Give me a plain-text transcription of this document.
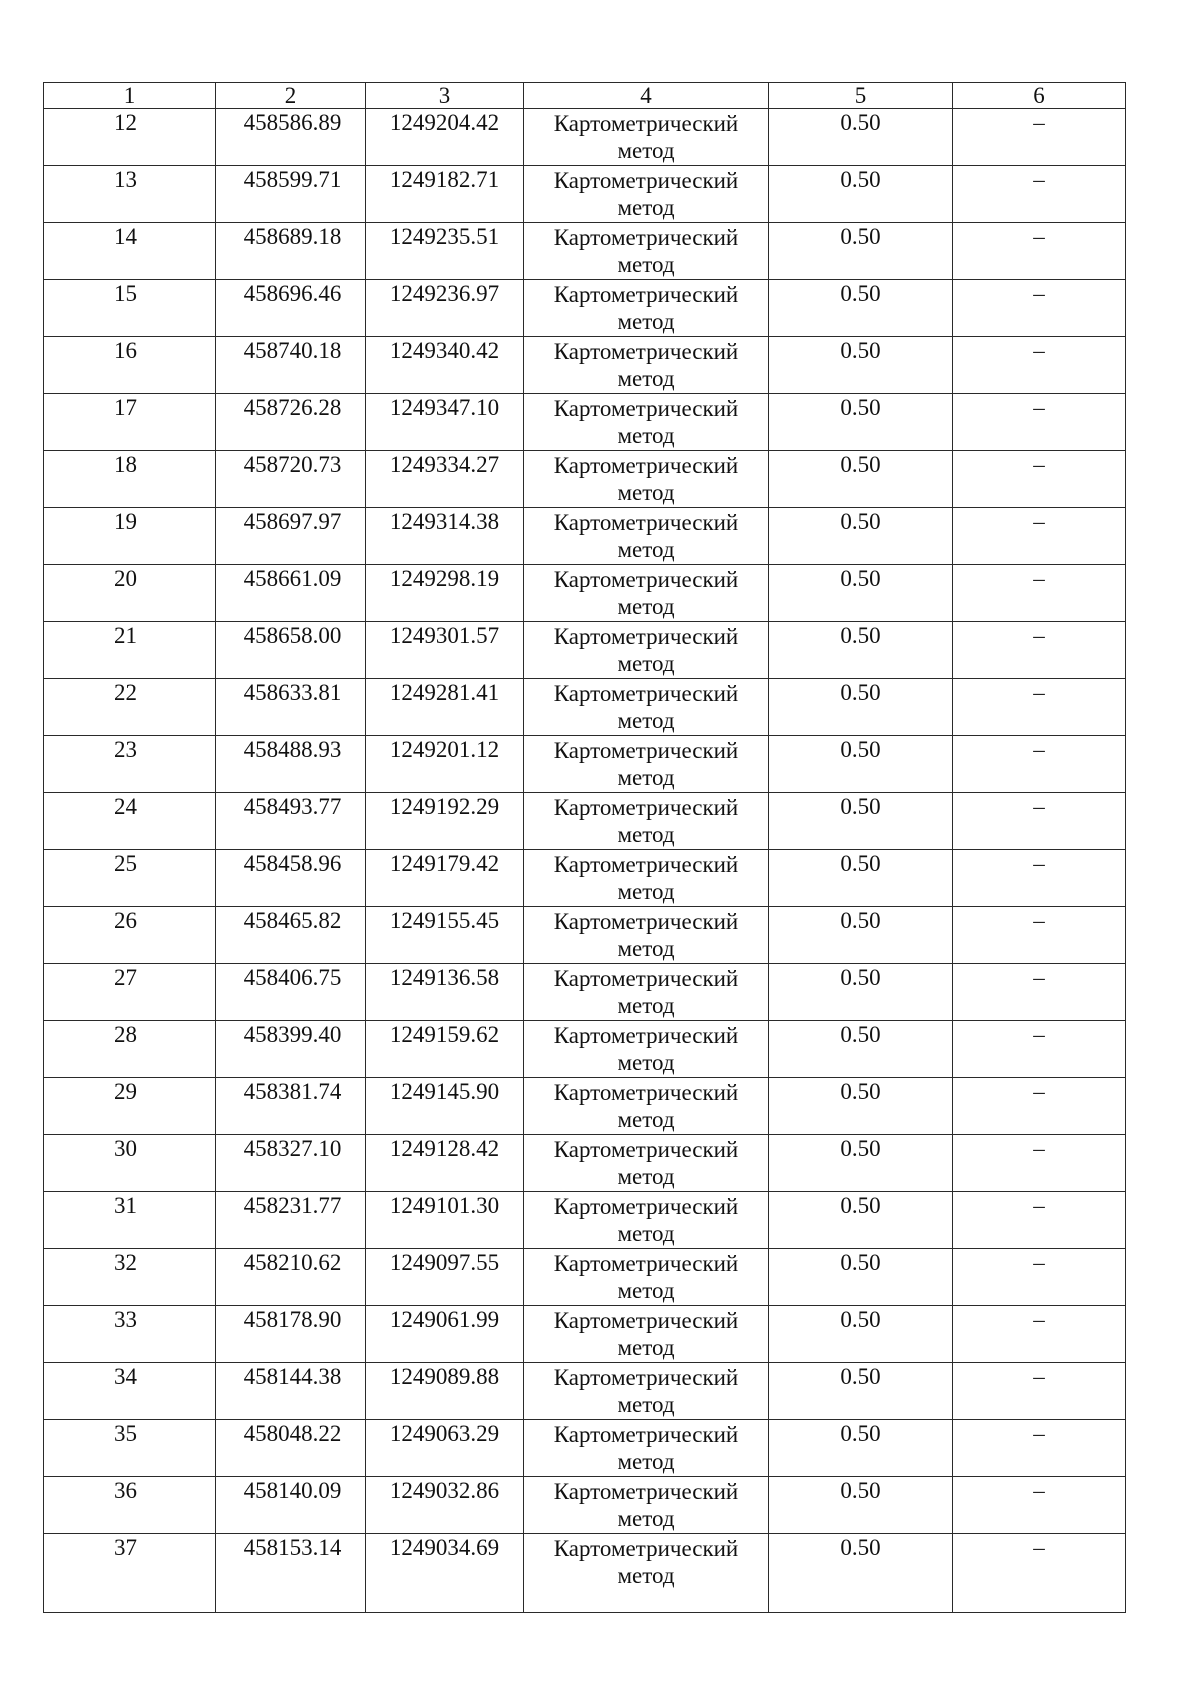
1	2	3	4	5	6
12	458586.89	1249204.42	Картометрический метод	0.50	–
13	458599.71	1249182.71	Картометрический метод	0.50	–
14	458689.18	1249235.51	Картометрический метод	0.50	–
15	458696.46	1249236.97	Картометрический метод	0.50	–
16	458740.18	1249340.42	Картометрический метод	0.50	–
17	458726.28	1249347.10	Картометрический метод	0.50	–
18	458720.73	1249334.27	Картометрический метод	0.50	–
19	458697.97	1249314.38	Картометрический метод	0.50	–
20	458661.09	1249298.19	Картометрический метод	0.50	–
21	458658.00	1249301.57	Картометрический метод	0.50	–
22	458633.81	1249281.41	Картометрический метод	0.50	–
23	458488.93	1249201.12	Картометрический метод	0.50	–
24	458493.77	1249192.29	Картометрический метод	0.50	–
25	458458.96	1249179.42	Картометрический метод	0.50	–
26	458465.82	1249155.45	Картометрический метод	0.50	–
27	458406.75	1249136.58	Картометрический метод	0.50	–
28	458399.40	1249159.62	Картометрический метод	0.50	–
29	458381.74	1249145.90	Картометрический метод	0.50	–
30	458327.10	1249128.42	Картометрический метод	0.50	–
31	458231.77	1249101.30	Картометрический метод	0.50	–
32	458210.62	1249097.55	Картометрический метод	0.50	–
33	458178.90	1249061.99	Картометрический метод	0.50	–
34	458144.38	1249089.88	Картометрический метод	0.50	–
35	458048.22	1249063.29	Картометрический метод	0.50	–
36	458140.09	1249032.86	Картометрический метод	0.50	–
37	458153.14	1249034.69	Картометрический метод	0.50	–
